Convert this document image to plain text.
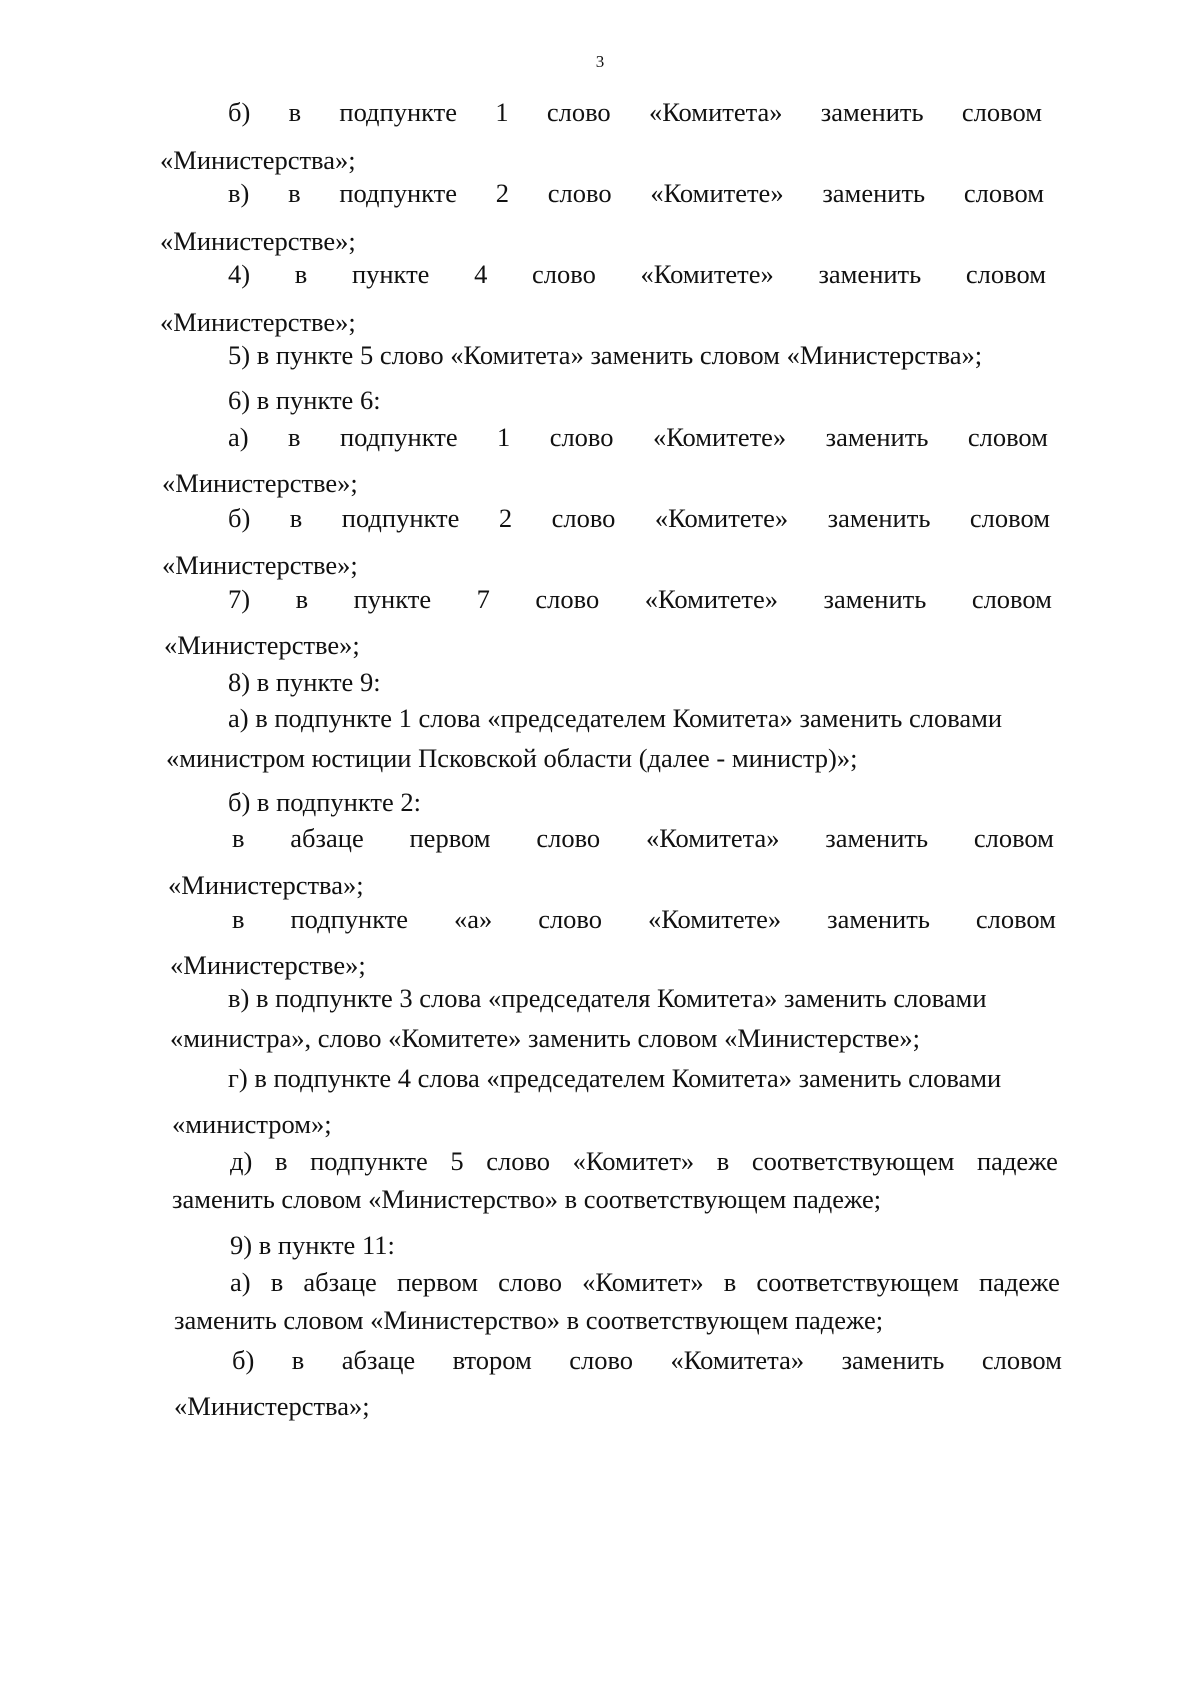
3
б) в подпункте 1 слово «Комитета» заменить словом
«Министерства»;
в) в подпункте 2 слово «Комитете» заменить словом
«Министерстве»;
4) в пункте 4 слово «Комитете» заменить словом
«Министерстве»;
5) в пункте 5 слово «Комитета» заменить словом «Министерства»;
6) в пункте 6:
а) в подпункте 1 слово «Комитете» заменить словом
«Министерстве»;
б) в подпункте 2 слово «Комитете» заменить словом
«Министерстве»;
7) в пункте 7 слово «Комитете» заменить словом
«Министерстве»;
8) в пункте 9:
а) в подпункте 1 слова «председателем Комитета» заменить словами
«министром юстиции Псковской области (далее - министр)»;
б) в подпункте 2:
в абзаце первом слово «Комитета» заменить словом
«Министерства»;
в подпункте «а» слово «Комитете» заменить словом
«Министерстве»;
в) в подпункте 3 слова «председателя Комитета» заменить словами
«министра», слово «Комитете» заменить словом «Министерстве»;
г) в подпункте 4 слова «председателем Комитета» заменить словами
«министром»;
д) в подпункте 5 слово «Комитет» в соответствующем падеже
заменить словом «Министерство» в соответствующем падеже;
9) в пункте 11:
а) в абзаце первом слово «Комитет» в соответствующем падеже
заменить словом «Министерство» в соответствующем падеже;
б) в абзаце втором слово «Комитета» заменить словом
«Министерства»;
